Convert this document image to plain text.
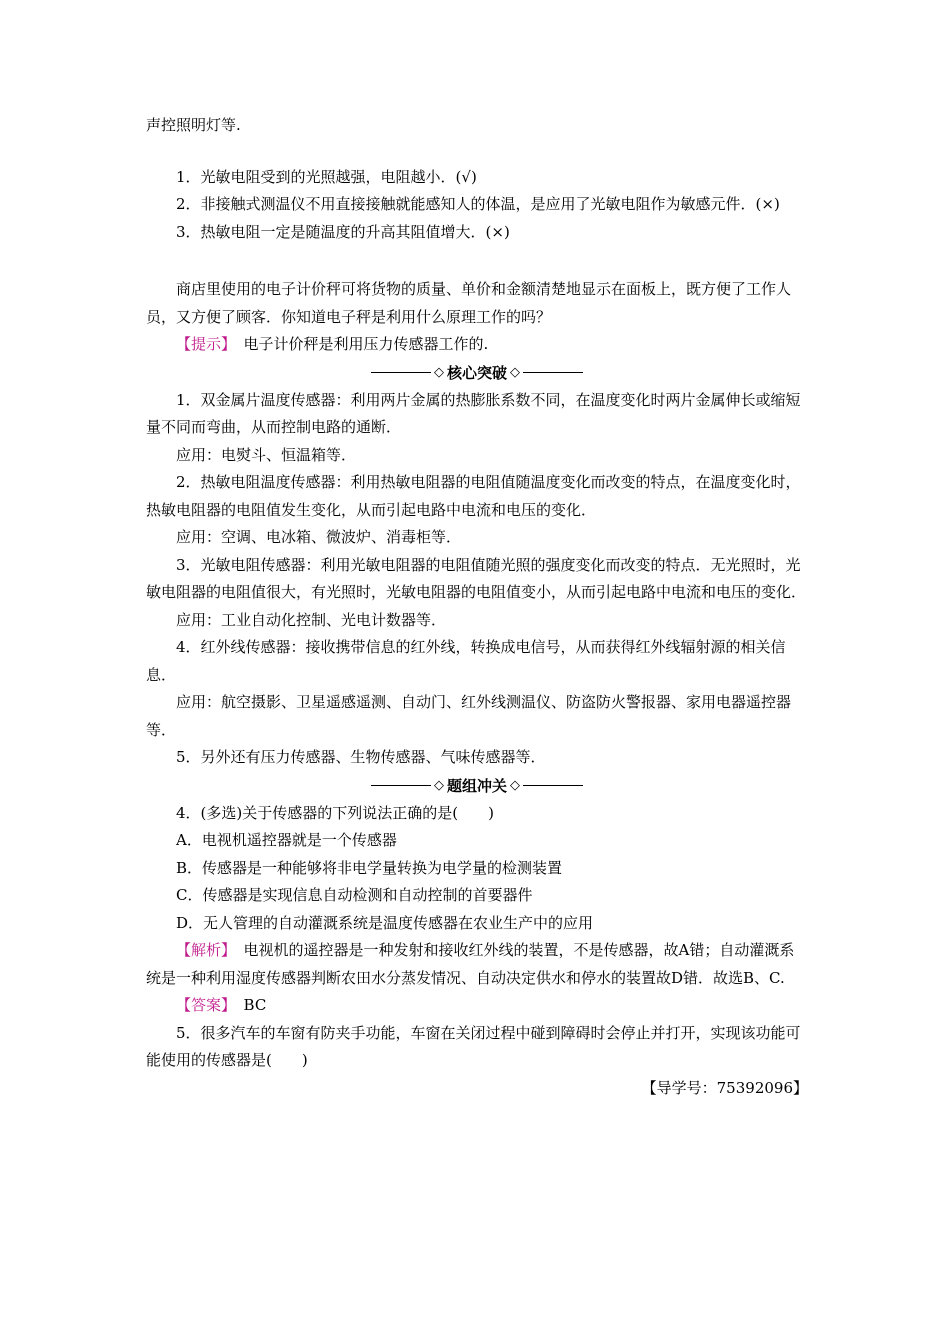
声控照明灯等.

1．光敏电阻受到的光照越强，电阻越小．(√)

2．非接触式测温仪不用直接接触就能感知人的体温，是应用了光敏电阻作为敏感元件．(×)

3．热敏电阻一定是随温度的升高其阻值增大．(×)

商店里使用的电子计价秤可将货物的质量、单价和金额清楚地显示在面板上，既方便了工作人员，又方便了顾客．你知道电子秤是利用什么原理工作的吗？

【提示】　 电子计价秤是利用压力传感器工作的.

◇ 核心突破 ◇

1．双金属片温度传感器：利用两片金属的热膨胀系数不同，在温度变化时两片金属伸长或缩短量不同而弯曲，从而控制电路的通断．

应用：电熨斗、恒温箱等．

2．热敏电阻温度传感器：利用热敏电阻器的电阻值随温度变化而改变的特点，在温度变化时，热敏电阻器的电阻值发生变化，从而引起电路中电流和电压的变化．

应用：空调、电冰箱、微波炉、消毒柜等．

3．光敏电阻传感器：利用光敏电阻器的电阻值随光照的强度变化而改变的特点．无光照时，光敏电阻器的电阻值很大，有光照时，光敏电阻器的电阻值变小，从而引起电路中电流和电压的变化．

应用：工业自动化控制、光电计数器等．

4．红外线传感器：接收携带信息的红外线，转换成电信号，从而获得红外线辐射源的相关信息．

应用：航空摄影、卫星遥感遥测、自动门、红外线测温仪、防盗防火警报器、家用电器遥控器等．

5．另外还有压力传感器、生物传感器、气味传感器等．

◇ 题组冲关 ◇

4．(多选)关于传感器的下列说法正确的是(　　)

A．电视机遥控器就是一个传感器

B．传感器是一种能够将非电学量转换为电学量的检测装置

C．传感器是实现信息自动检测和自动控制的首要器件

D．无人管理的自动灌溉系统是温度传感器在农业生产中的应用

【解析】　 电视机的遥控器是一种发射和接收红外线的装置，不是传感器，故A错；自动灌溉系统是一种利用湿度传感器判断农田水分蒸发情况、自动决定供水和停水的装置故D错．故选B、C.

【答案】　 BC

5．很多汽车的车窗有防夹手功能，车窗在关闭过程中碰到障碍时会停止并打开，实现该功能可能使用的传感器是(　　)

【导学号：75392096】
